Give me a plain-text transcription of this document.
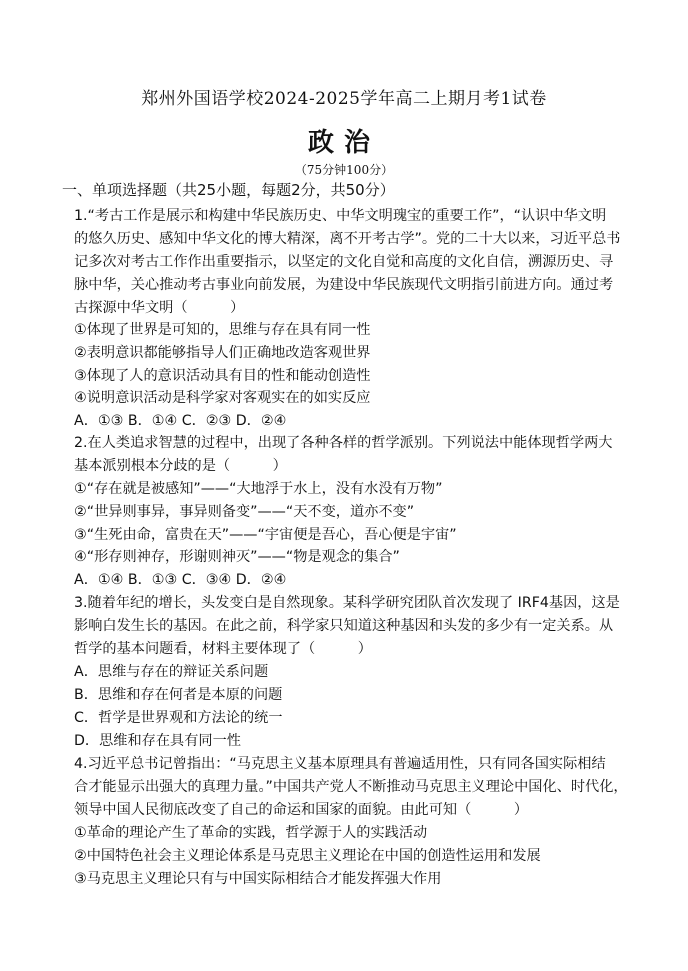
郑州外国语学校2024-2025学年高二上期月考1试卷
政治
（75分钟100分）
一、单项选择题（共25小题，每题2分，共50分）
1.“考古工作是展示和构建中华民族历史、中华文明瑰宝的重要工作”，“认识中华文明
的悠久历史、感知中华文化的博大精深，离不开考古学”。党的二十大以来，习近平总书
记多次对考古工作作出重要指示，以坚定的文化自觉和高度的文化自信，溯源历史、寻
脉中华，关心推动考古事业向前发展，为建设中华民族现代文明指引前进方向。通过考
古探源中华文明（　　　）
①体现了世界是可知的，思维与存在具有同一性
②表明意识都能够指导人们正确地改造客观世界
③体现了人的意识活动具有目的性和能动创造性
④说明意识活动是科学家对客观实在的如实反应
A．①③ B．①④ C．②③ D．②④
2.在人类追求智慧的过程中，出现了各种各样的哲学派别。下列说法中能体现哲学两大
基本派别根本分歧的是（　　　）
①“存在就是被感知”——“大地浮于水上，没有水没有万物”
②“世异则事异，事异则备变”——“天不变，道亦不变”
③“生死由命，富贵在天”——“宇宙便是吾心，吾心便是宇宙”
④“形存则神存，形谢则神灭”——“物是观念的集合”
A．①④ B．①③ C．③④ D．②④
3.随着年纪的增长，头发变白是自然现象。某科学研究团队首次发现了 IRF4基因，这是
影响白发生长的基因。在此之前，科学家只知道这种基因和头发的多少有一定关系。从
哲学的基本问题看，材料主要体现了（　　　）
A．思维与存在的辩证关系问题
B．思维和存在何者是本原的问题
C．哲学是世界观和方法论的统一
D．思维和存在具有同一性
4.习近平总书记曾指出：“马克思主义基本原理具有普遍适用性，只有同各国实际相结
合才能显示出强大的真理力量。”中国共产党人不断推动马克思主义理论中国化、时代化，
领导中国人民彻底改变了自己的命运和国家的面貌。由此可知（　　　）
①革命的理论产生了革命的实践，哲学源于人的实践活动
②中国特色社会主义理论体系是马克思主义理论在中国的创造性运用和发展
③马克思主义理论只有与中国实际相结合才能发挥强大作用
